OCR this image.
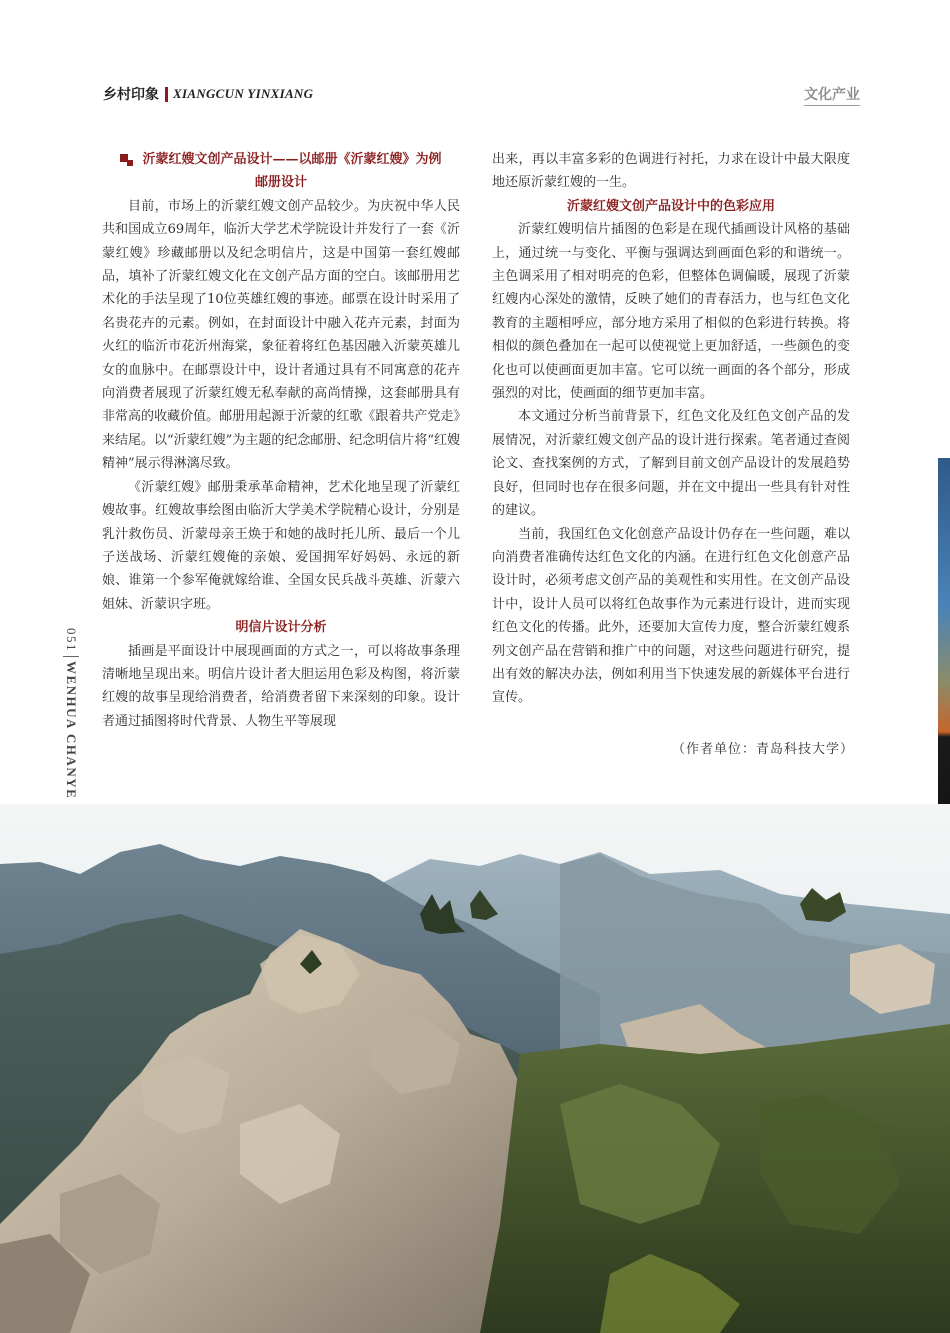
乡村印象 XIANGCUN YINXIANG	文化产业
051WENHUA CHANYE
沂蒙红嫂文创产品设计——以邮册《沂蒙红嫂》为例
邮册设计

目前，市场上的沂蒙红嫂文创产品较少。为庆祝中华人民共和国成立69周年，临沂大学艺术学院设计并发行了一套《沂蒙红嫂》珍藏邮册以及纪念明信片，这是中国第一套红嫂邮品，填补了沂蒙红嫂文化在文创产品方面的空白。该邮册用艺术化的手法呈现了10位英雄红嫂的事迹。邮票在设计时采用了名贵花卉的元素。例如，在封面设计中融入花卉元素，封面为火红的临沂市花沂州海棠，象征着将红色基因融入沂蒙英雄儿女的血脉中。在邮票设计中，设计者通过具有不同寓意的花卉向消费者展现了沂蒙红嫂无私奉献的高尚情操，这套邮册具有非常高的收藏价值。邮册用起源于沂蒙的红歌《跟着共产党走》来结尾。以“沂蒙红嫂”为主题的纪念邮册、纪念明信片将“红嫂精神”展示得淋漓尽致。

《沂蒙红嫂》邮册秉承革命精神，艺术化地呈现了沂蒙红嫂故事。红嫂故事绘图由临沂大学美术学院精心设计，分别是乳汁救伤员、沂蒙母亲王焕于和她的战时托儿所、最后一个儿子送战场、沂蒙红嫂俺的亲娘、爱国拥军好妈妈、永远的新娘、谁第一个参军俺就嫁给谁、全国女民兵战斗英雄、沂蒙六姐妹、沂蒙识字班。

明信片设计分析

插画是平面设计中展现画面的方式之一，可以将故事条理清晰地呈现出来。明信片设计者大胆运用色彩及构图，将沂蒙红嫂的故事呈现给消费者，给消费者留下来深刻的印象。设计者通过插图将时代背景、人物生平等展现

出来，再以丰富多彩的色调进行衬托，力求在设计中最大限度地还原沂蒙红嫂的一生。

沂蒙红嫂文创产品设计中的色彩应用

沂蒙红嫂明信片插图的色彩是在现代插画设计风格的基础上，通过统一与变化、平衡与强调达到画面色彩的和谐统一。主色调采用了相对明亮的色彩，但整体色调偏暖，展现了沂蒙红嫂内心深处的激情，反映了她们的青春活力，也与红色文化教育的主题相呼应，部分地方采用了相似的色彩进行转换。将相似的颜色叠加在一起可以使视觉上更加舒适，一些颜色的变化也可以使画面更加丰富。它可以统一画面的各个部分，形成强烈的对比，使画面的细节更加丰富。

本文通过分析当前背景下，红色文化及红色文创产品的发展情况，对沂蒙红嫂文创产品的设计进行探索。笔者通过查阅论文、查找案例的方式，了解到目前文创产品设计的发展趋势良好，但同时也存在很多问题，并在文中提出一些具有针对性的建议。

当前，我国红色文化创意产品设计仍存在一些问题，难以向消费者准确传达红色文化的内涵。在进行红色文化创意产品设计时，必须考虑文创产品的美观性和实用性。在文创产品设计中，设计人员可以将红色故事作为元素进行设计，进而实现红色文化的传播。此外，还要加大宣传力度，整合沂蒙红嫂系列文创产品在营销和推广中的问题，对这些问题进行研究，提出有效的解决办法，例如利用当下快速发展的新媒体平台进行宣传。

（作者单位：青岛科技大学）
